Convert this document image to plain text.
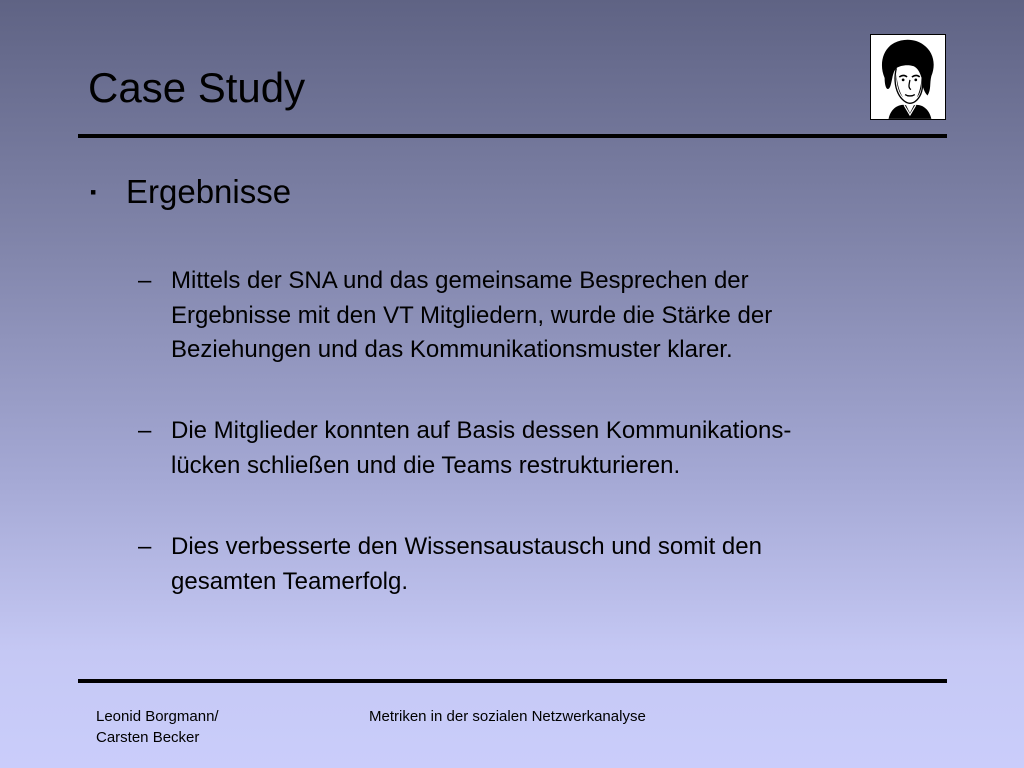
Case Study
▪ Ergebnisse
– Mittels der SNA und das gemeinsame Besprechen der
Ergebnisse mit den VT Mitgliedern, wurde die Stärke der
Beziehungen und das Kommunikationsmuster klarer.
– Die Mitglieder konnten auf Basis dessen Kommunikations-
lücken schließen und die Teams restrukturieren.
– Dies verbesserte den Wissensaustausch und somit den
gesamten Teamerfolg.
Leonid Borgmann/
Carsten Becker
Metriken in der sozialen Netzwerkanalyse
